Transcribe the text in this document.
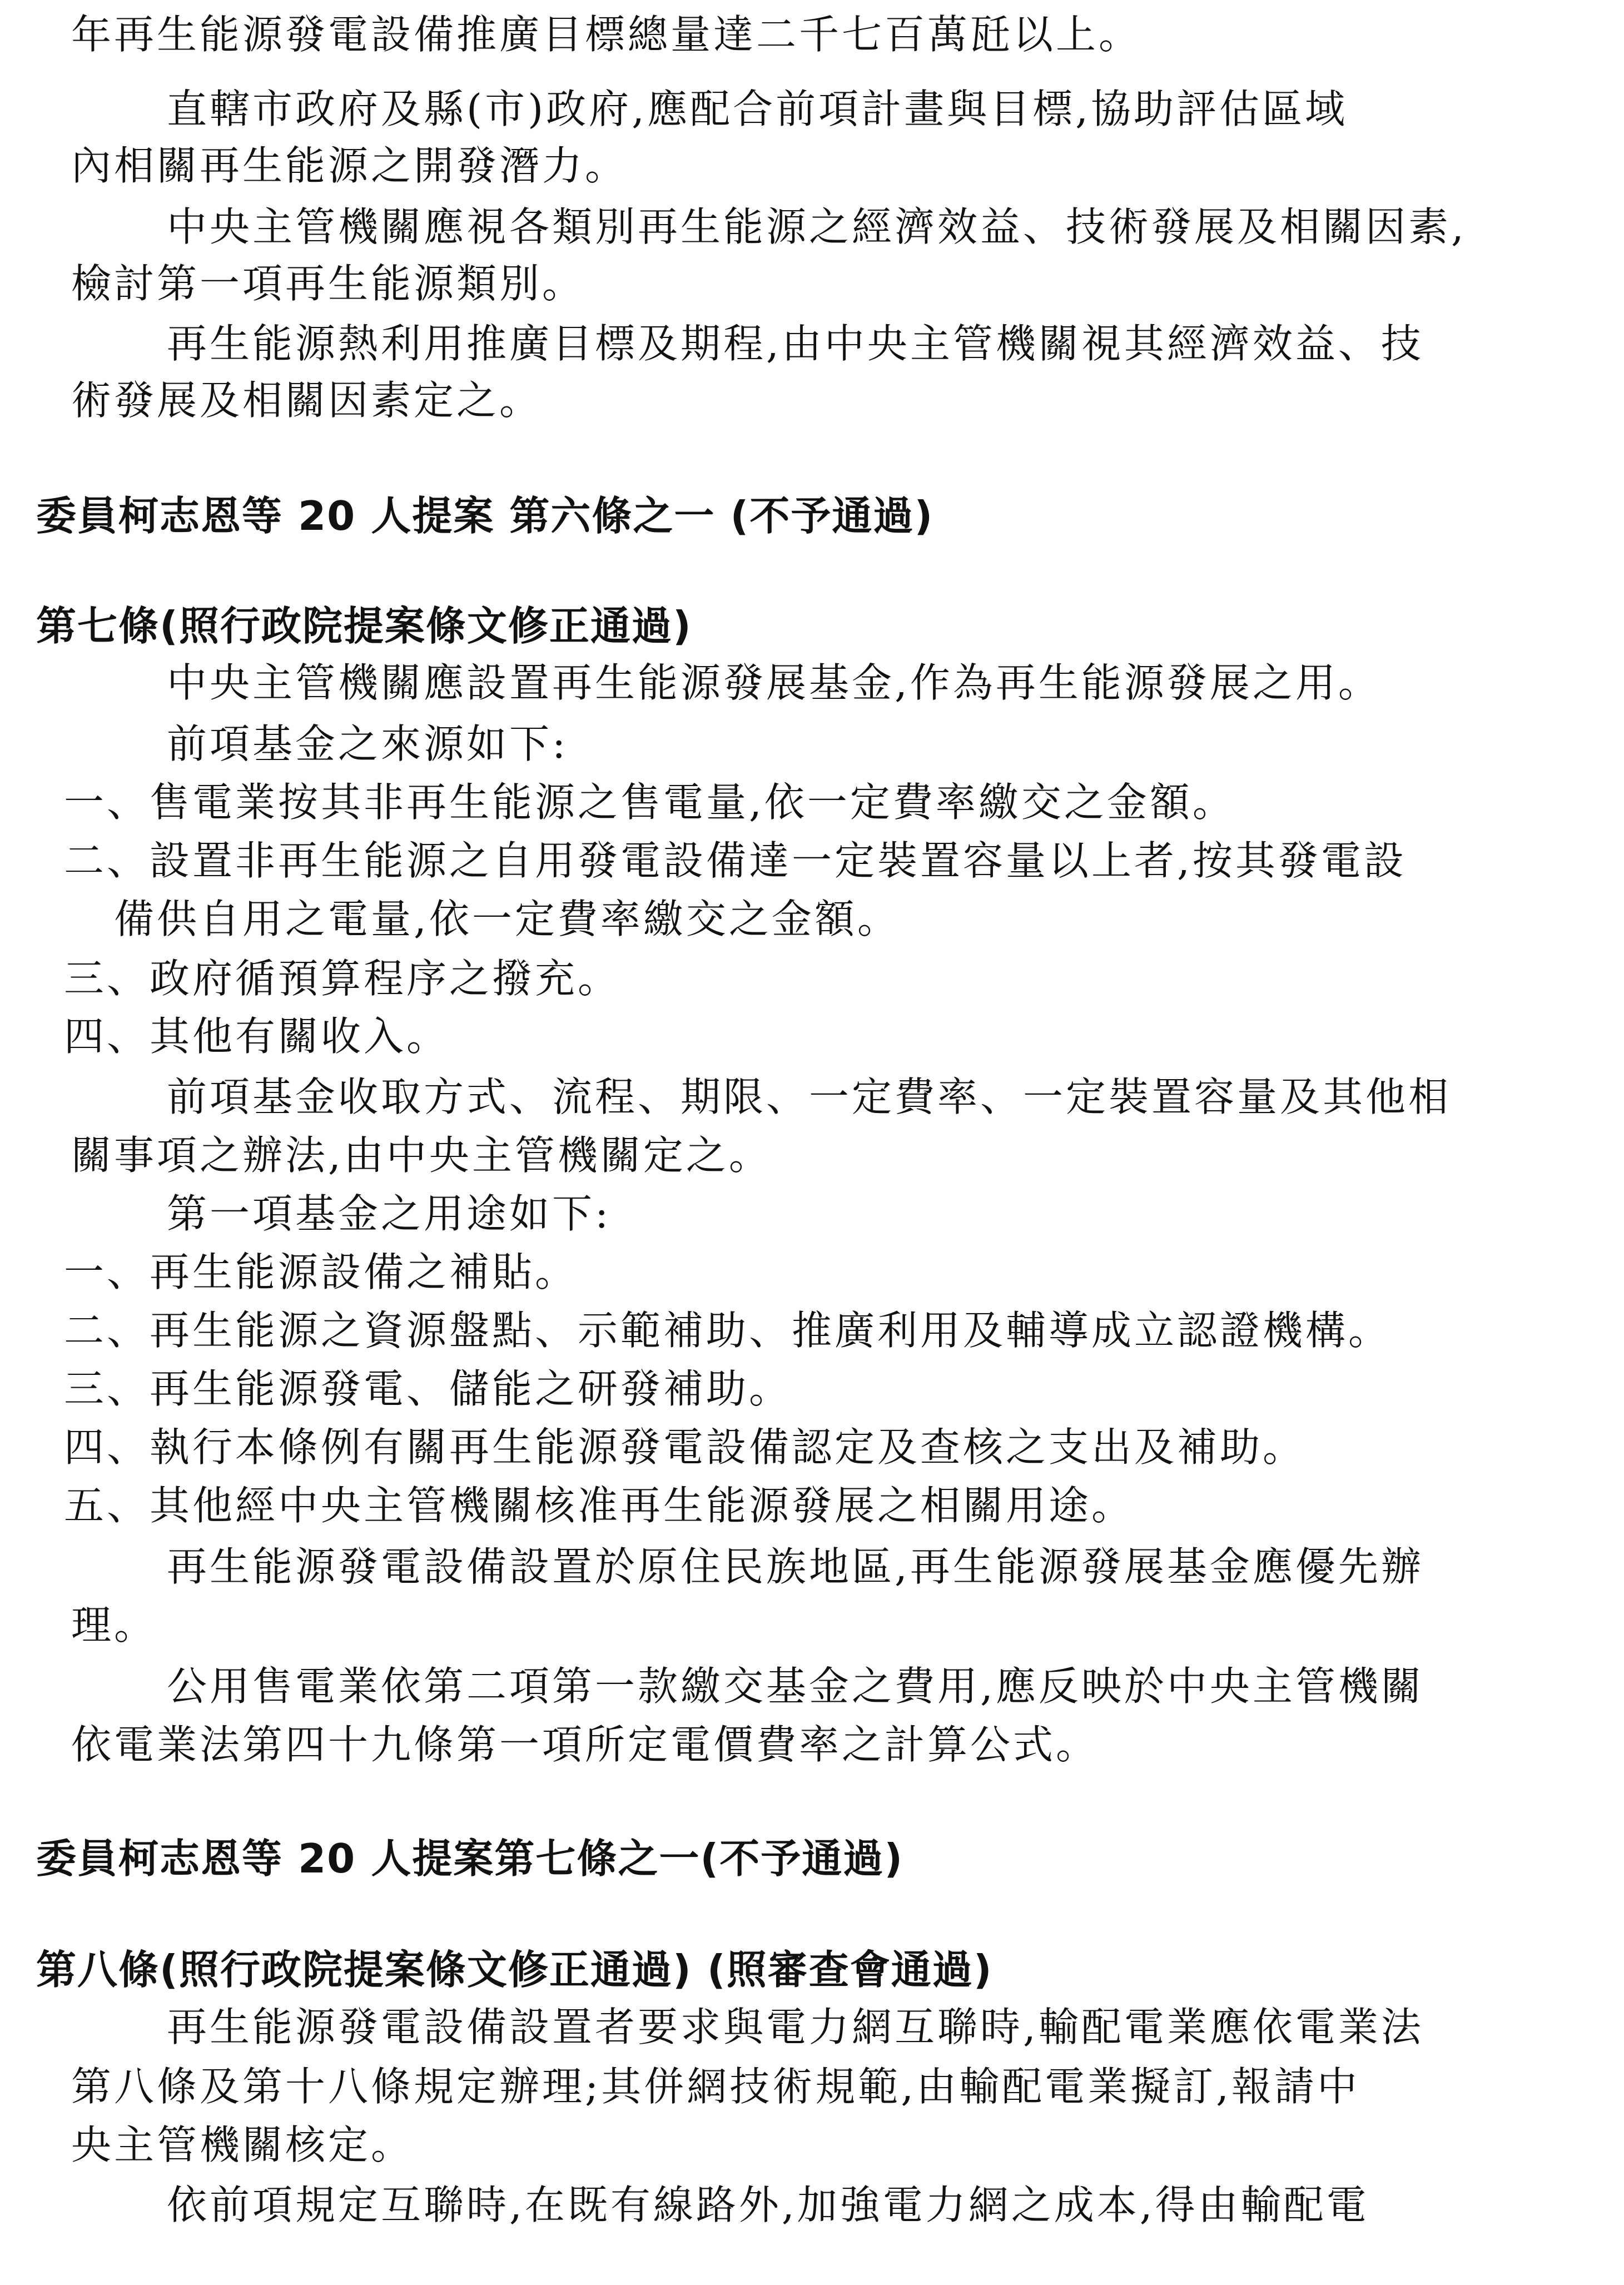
年再生能源發電設備推廣目標總量達二千七百萬瓩以上。
直轄市政府及縣(市)政府,應配合前項計畫與目標,協助評估區域
內相關再生能源之開發潛力。
中央主管機關應視各類別再生能源之經濟效益、技術發展及相關因素,
檢討第一項再生能源類別。
再生能源熱利用推廣目標及期程,由中央主管機關視其經濟效益、技
術發展及相關因素定之。
委員柯志恩等 20 人提案 第六條之一 (不予通過)
第七條(照行政院提案條文修正通過)
中央主管機關應設置再生能源發展基金,作為再生能源發展之用。
前項基金之來源如下:
一、售電業按其非再生能源之售電量,依一定費率繳交之金額。
二、設置非再生能源之自用發電設備達一定裝置容量以上者,按其發電設
備供自用之電量,依一定費率繳交之金額。
三、政府循預算程序之撥充。
四、其他有關收入。
前項基金收取方式、流程、期限、一定費率、一定裝置容量及其他相
關事項之辦法,由中央主管機關定之。
第一項基金之用途如下:
一、再生能源設備之補貼。
二、再生能源之資源盤點、示範補助、推廣利用及輔導成立認證機構。
三、再生能源發電、儲能之研發補助。
四、執行本條例有關再生能源發電設備認定及查核之支出及補助。
五、其他經中央主管機關核准再生能源發展之相關用途。
再生能源發電設備設置於原住民族地區,再生能源發展基金應優先辦
理。
公用售電業依第二項第一款繳交基金之費用,應反映於中央主管機關
依電業法第四十九條第一項所定電價費率之計算公式。
委員柯志恩等 20 人提案第七條之一(不予通過)
第八條(照行政院提案條文修正通過) (照審查會通過)
再生能源發電設備設置者要求與電力網互聯時,輸配電業應依電業法
第八條及第十八條規定辦理;其併網技術規範,由輸配電業擬訂,報請中
央主管機關核定。
依前項規定互聯時,在既有線路外,加強電力網之成本,得由輸配電
